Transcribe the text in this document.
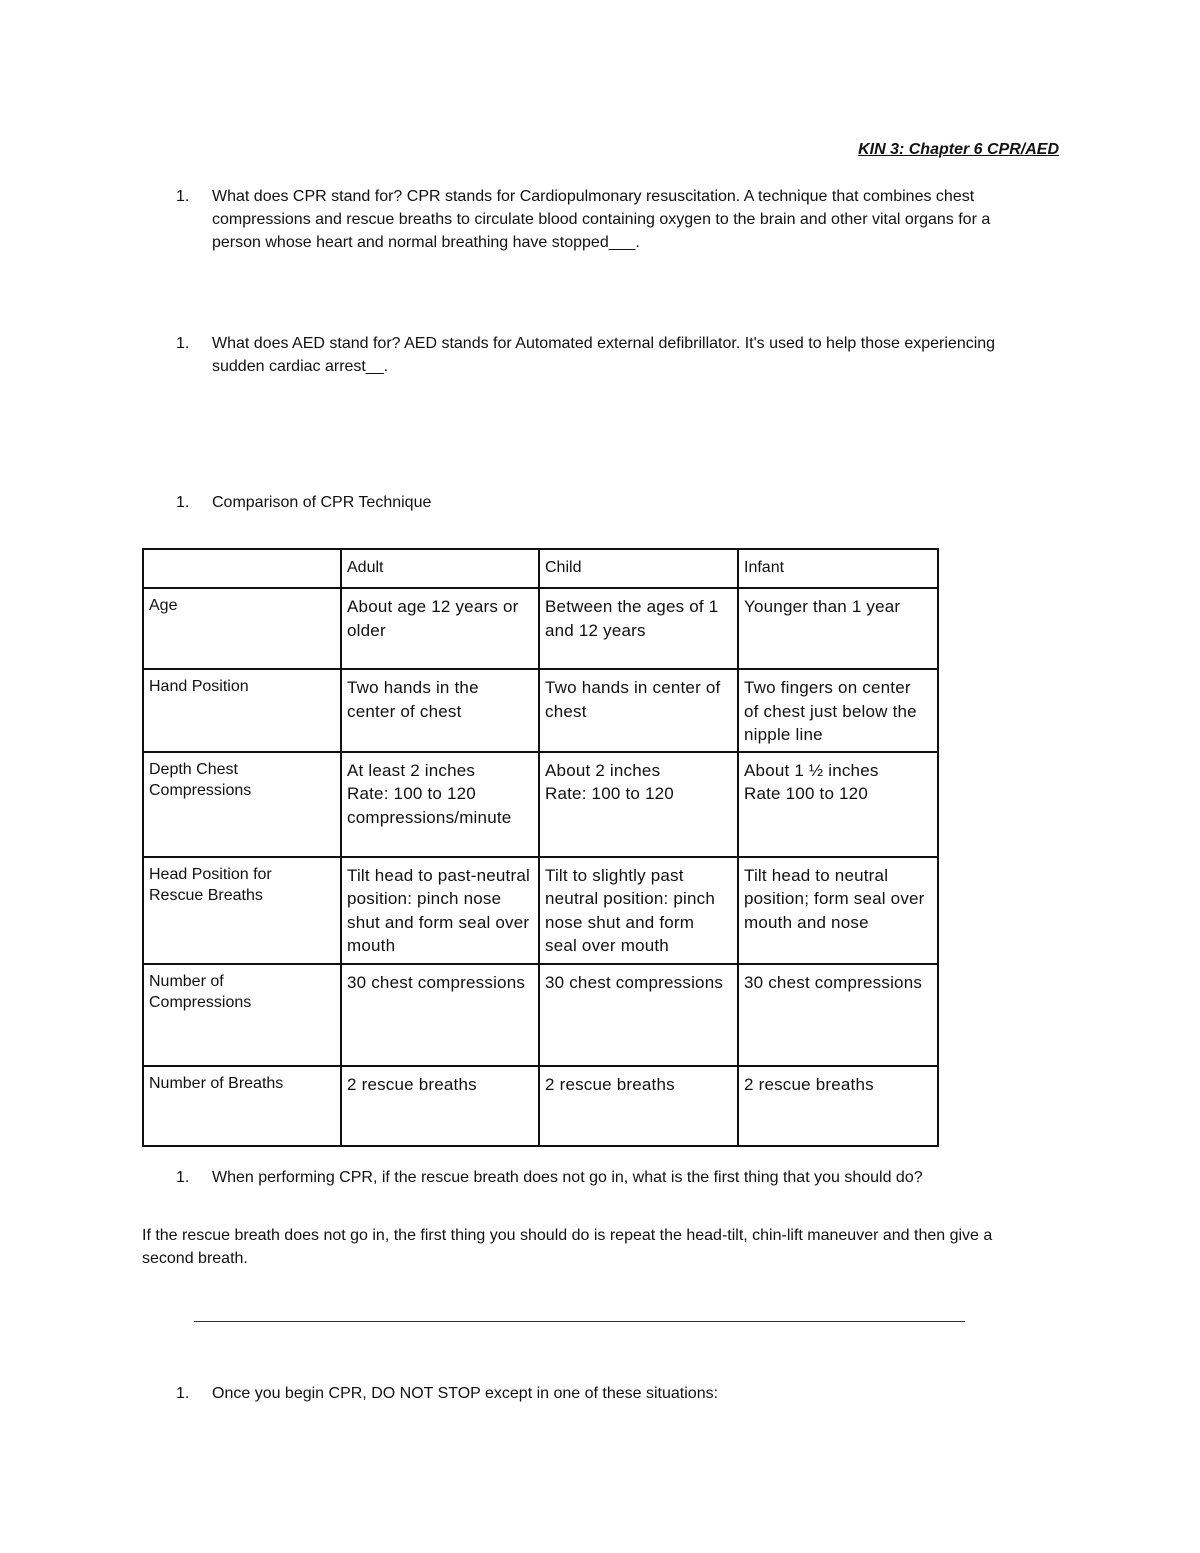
KIN 3: Chapter 6 CPR/AED
1. What does CPR stand for? CPR stands for Cardiopulmonary resuscitation. A technique that combines chest
compressions and rescue breaths to circulate blood containing oxygen to the brain and other vital organs for a
person whose heart and normal breathing have stopped___.
1. What does AED stand for? AED stands for Automated external defibrillator. It's used to help those experiencing
sudden cardiac arrest__.
1. Comparison of CPR Technique
	Adult	Child	Infant

Age	About age 12 years or
older	Between the ages of 1
and 12 years	Younger than 1 year

Hand Position	Two hands in the
center of chest	Two hands in center of
chest	Two fingers on center
of chest just below the
nipple line

Depth Chest
Compressions	At least 2 inches
Rate: 100 to 120
compressions/minute	About 2 inches
Rate: 100 to 120	About 1 ½ inches
Rate 100 to 120

Head Position for
Rescue Breaths	Tilt head to past-neutral
position: pinch nose
shut and form seal over
mouth	Tilt to slightly past
neutral position: pinch
nose shut and form
seal over mouth	Tilt head to neutral
position; form seal over
mouth and nose

Number of
Compressions	30 chest compressions	30 chest compressions	30 chest compressions

Number of Breaths	2 rescue breaths	2 rescue breaths	2 rescue breaths
1. When performing CPR, if the rescue breath does not go in, what is the first thing that you should do?
If the rescue breath does not go in, the first thing you should do is repeat the head-tilt, chin-lift maneuver and then give a
second breath.
1. Once you begin CPR, DO NOT STOP except in one of these situations:
